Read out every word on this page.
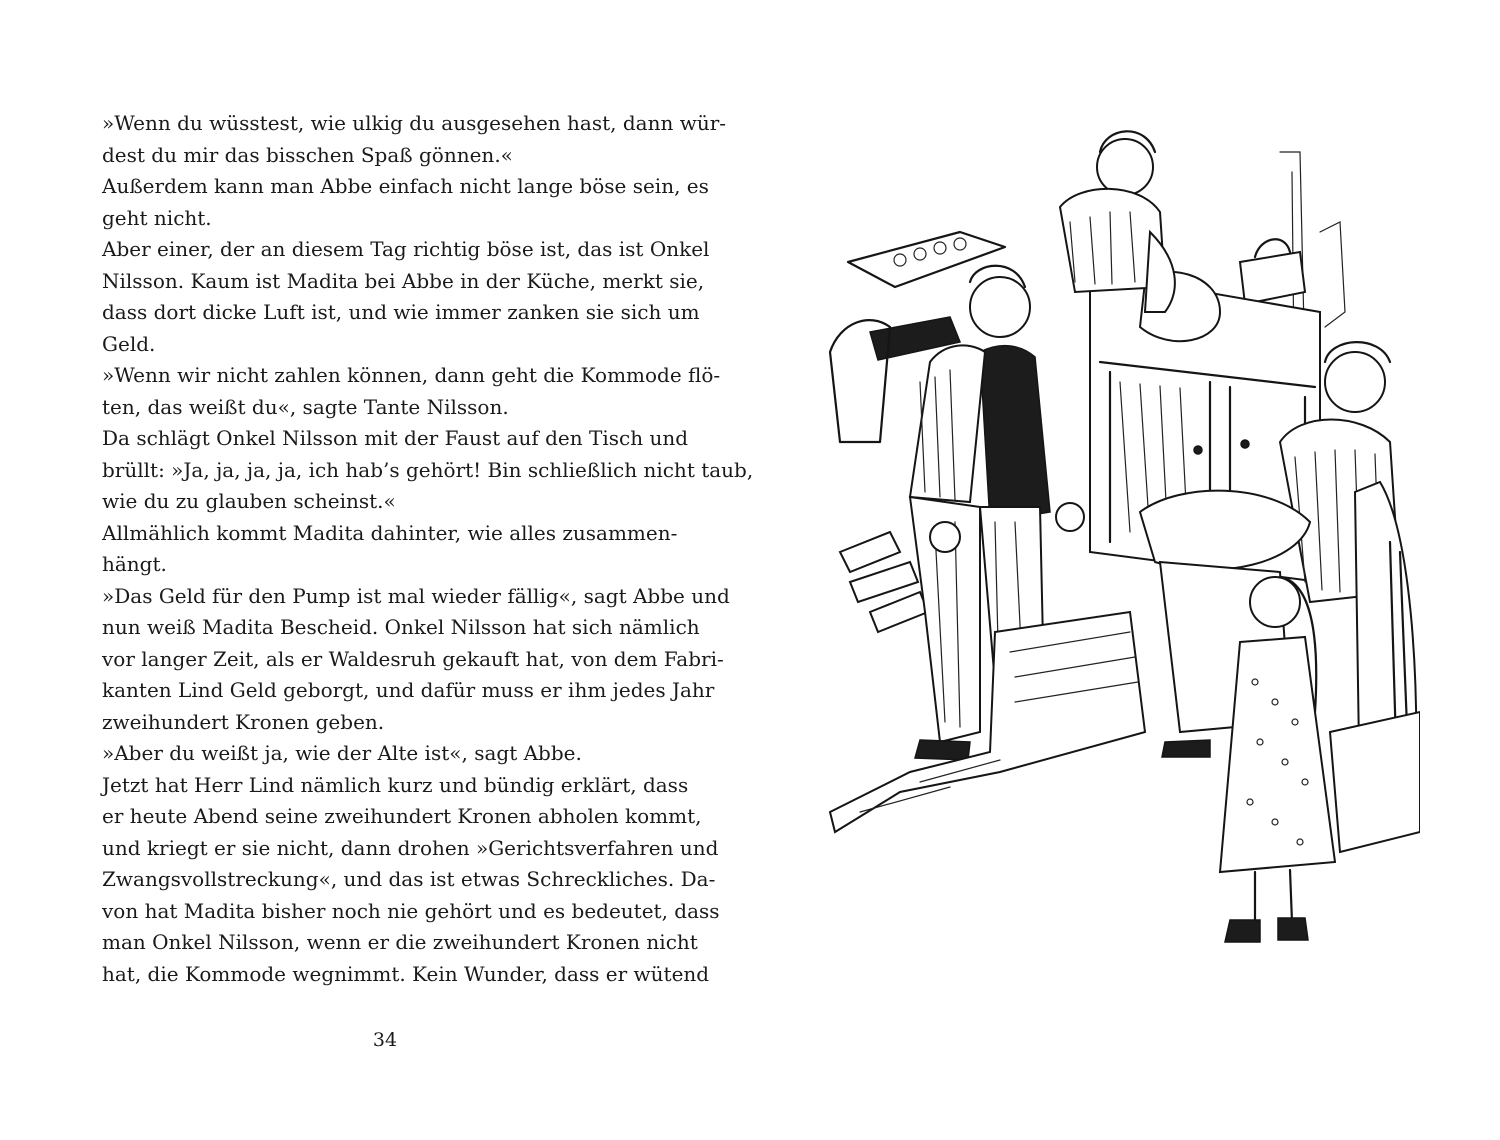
»Wenn du wüsstest, wie ulkig du ausgesehen hast, dann wür-
dest du mir das bisschen Spaß gönnen.«
Außerdem kann man Abbe einfach nicht lange böse sein, es
geht nicht.
Aber einer, der an diesem Tag richtig böse ist, das ist Onkel
Nilsson. Kaum ist Madita bei Abbe in der Küche, merkt sie,
dass dort dicke Luft ist, und wie immer zanken sie sich um
Geld.
»Wenn wir nicht zahlen können, dann geht die Kommode flö-
ten, das weißt du«, sagte Tante Nilsson.
Da schlägt Onkel Nilsson mit der Faust auf den Tisch und
brüllt: »Ja, ja, ja, ja, ich hab’s gehört! Bin schließlich nicht taub,
wie du zu glauben scheinst.«
Allmählich kommt Madita dahinter, wie alles zusammen-
hängt.
»Das Geld für den Pump ist mal wieder fällig«, sagt Abbe und
nun weiß Madita Bescheid. Onkel Nilsson hat sich nämlich
vor langer Zeit, als er Waldesruh gekauft hat, von dem Fabri-
kanten Lind Geld geborgt, und dafür muss er ihm jedes Jahr
zweihundert Kronen geben.
»Aber du weißt ja, wie der Alte ist«, sagt Abbe.
Jetzt hat Herr Lind nämlich kurz und bündig erklärt, dass
er heute Abend seine zweihundert Kronen abholen kommt,
und kriegt er sie nicht, dann drohen »Gerichtsverfahren und
Zwangsvollstreckung«, und das ist etwas Schreckliches. Da-
von hat Madita bisher noch nie gehört und es bedeutet, dass
man Onkel Nilsson, wenn er die zweihundert Kronen nicht
hat, die Kommode wegnimmt. Kein Wunder, dass er wütend
34
